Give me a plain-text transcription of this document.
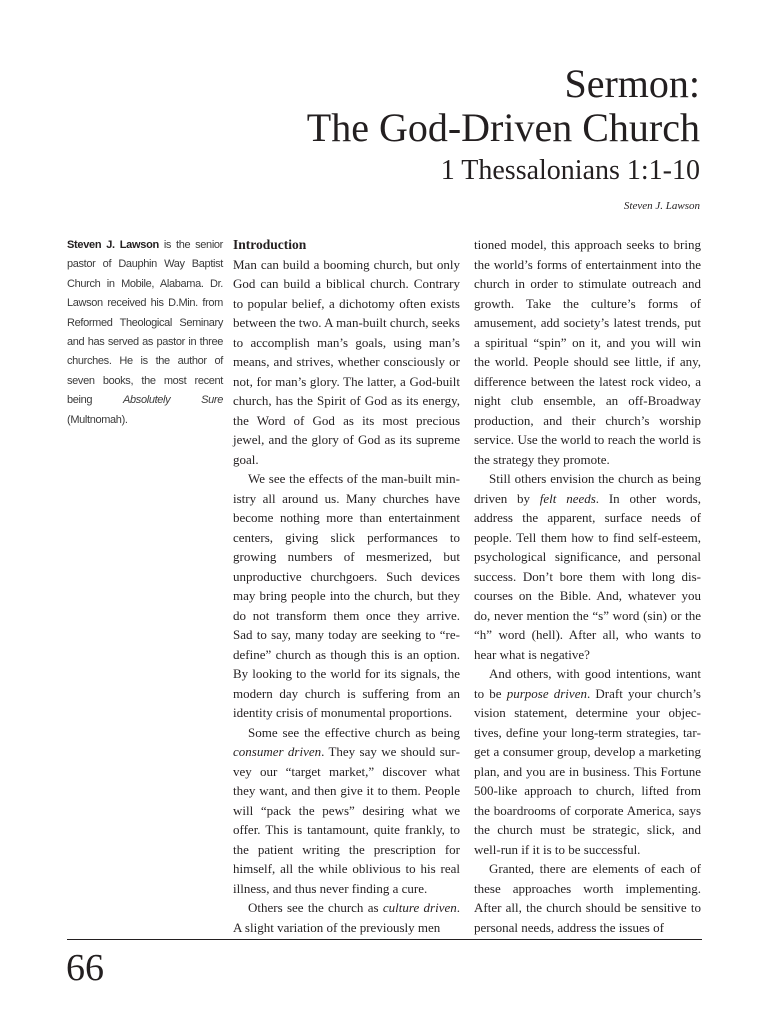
Sermon:
The God-Driven Church
1 Thessalonians 1:1-10
Steven J. Lawson
Steven J. Lawson is the senior pastor of Dauphin Way Baptist Church in Mobile, Alabama. Dr. Lawson received his D.Min. from Reformed Theological Seminary and has served as pastor in three churches. He is the author of seven books, the most recent being Absolutely Sure (Multnomah).
Introduction

Man can build a booming church, but only God can build a biblical church. Contrary to popular belief, a dichotomy often exists between the two. A man-built church, seeks to accomplish man’s goals, using man’s means, and strives, whether consciously or not, for man’s glory. The latter, a God-built church, has the Spirit of God as its energy, the Word of God as its most precious jewel, and the glory of God as its supreme goal.

We see the effects of the man-built ministry all around us. Many churches have become nothing more than entertainment centers, giving slick performances to growing numbers of mesmerized, but unproductive churchgoers. Such devices may bring people into the church, but they do not transform them once they arrive. Sad to say, many today are seeking to “redefine” church as though this is an option. By looking to the world for its signals, the modern day church is suffering from an identity crisis of monumental proportions.

Some see the effective church as being consumer driven. They say we should survey our “target market,” discover what they want, and then give it to them. People will “pack the pews” desiring what we offer. This is tantamount, quite frankly, to the patient writing the prescription for himself, all the while oblivious to his real illness, and thus never finding a cure.

Others see the church as culture driven. A slight variation of the previously men

tioned model, this approach seeks to bring the world’s forms of entertainment into the church in order to stimulate outreach and growth. Take the culture’s forms of amusement, add society’s latest trends, put a spiritual “spin” on it, and you will win the world. People should see little, if any, difference between the latest rock video, a night club ensemble, an off-Broadway production, and their church’s worship service. Use the world to reach the world is the strategy they promote.

Still others envision the church as being driven by felt needs. In other words, address the apparent, surface needs of people. Tell them how to find self-esteem, psychological significance, and personal success. Don’t bore them with long discourses on the Bible. And, whatever you do, never mention the “s” word (sin) or the “h” word (hell). After all, who wants to hear what is negative?

And others, with good intentions, want to be purpose driven. Draft your church’s vision statement, determine your objectives, define your long-term strategies, target a consumer group, develop a marketing plan, and you are in business. This Fortune 500-like approach to church, lifted from the boardrooms of corporate America, says the church must be strategic, slick, and well-run if it is to be successful.

Granted, there are elements of each of these approaches worth implementing. After all, the church should be sensitive to personal needs, address the issues of

66
